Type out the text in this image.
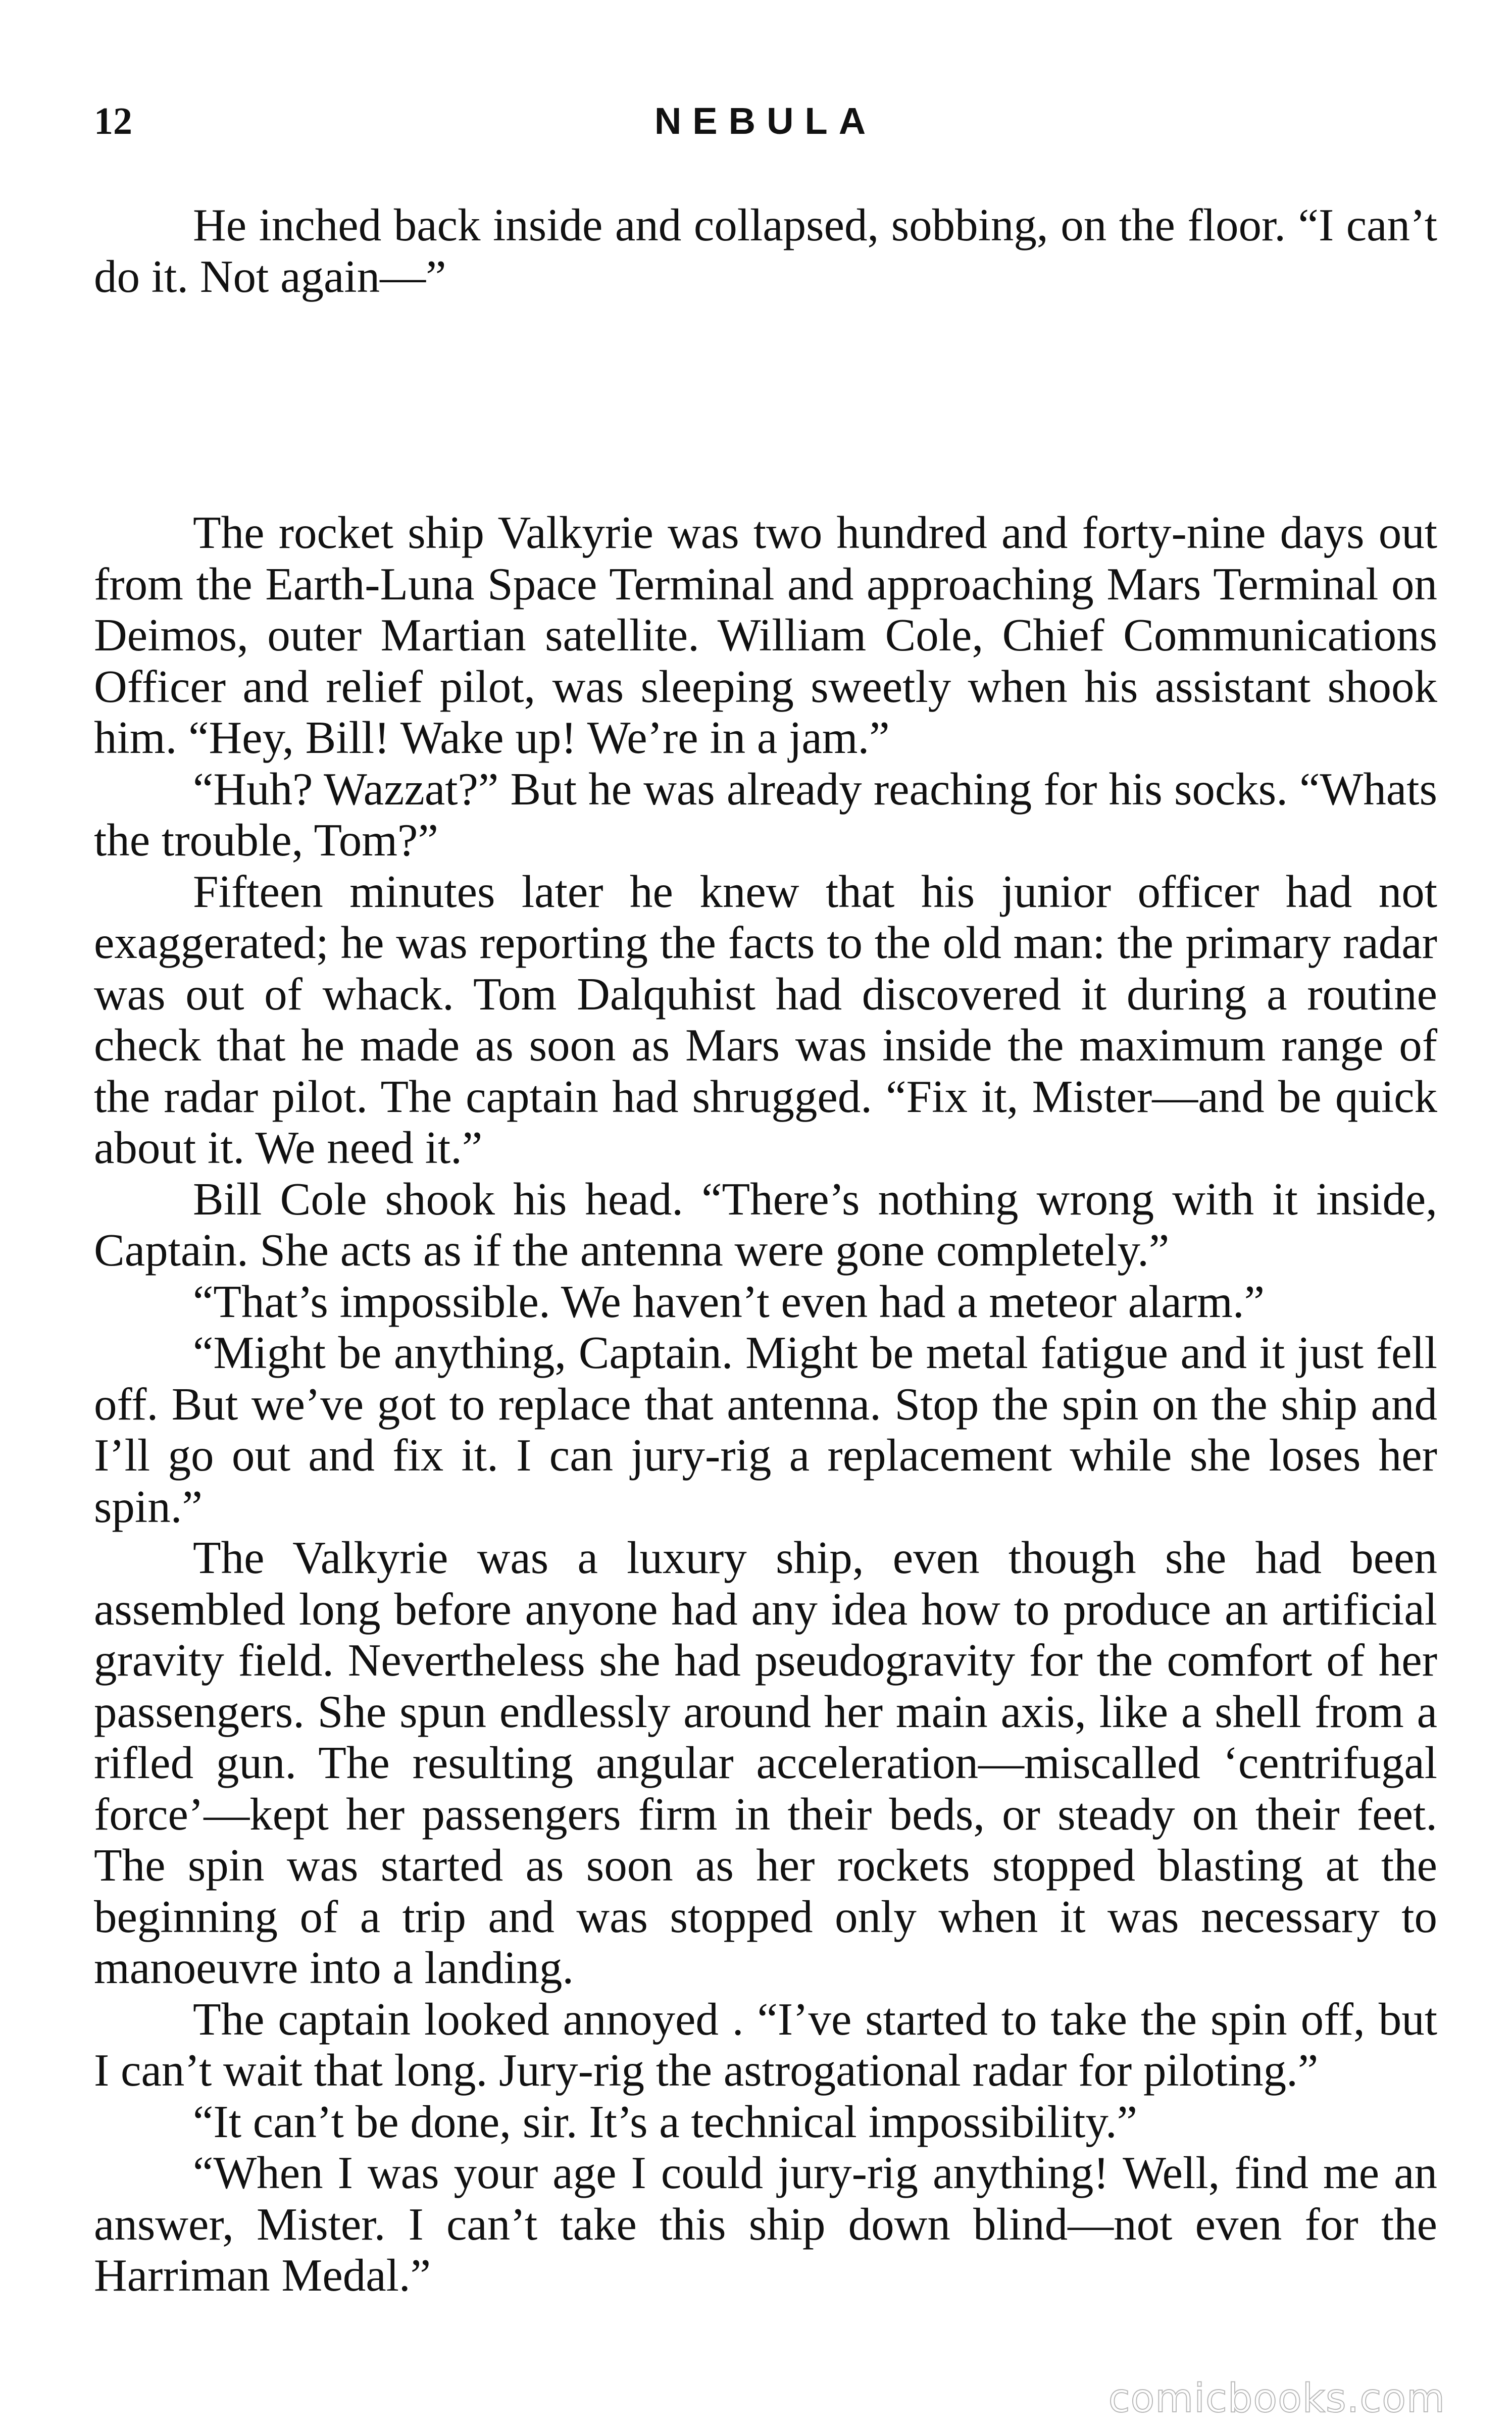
12	NEBULA

He inched back inside and collapsed, sobbing, on the floor. “I can’t do it. Not again—”

The rocket ship Valkyrie was two hundred and forty-nine days out from the Earth-Luna Space Terminal and approaching Mars Terminal on Deimos, outer Martian satellite. William Cole, Chief Communications Officer and relief pilot, was sleeping sweetly when his assistant shook him. “Hey, Bill! Wake up! We’re in a jam.”

“Huh? Wazzat?” But he was already reaching for his socks. “Whats the trouble, Tom?”

Fifteen minutes later he knew that his junior officer had not exaggerated; he was reporting the facts to the old man: the primary radar was out of whack. Tom Dalquhist had discovered it during a routine check that he made as soon as Mars was inside the maximum range of the radar pilot. The captain had shrugged. “Fix it, Mister—and be quick about it. We need it.”

Bill Cole shook his head. “There’s nothing wrong with it inside, Captain. She acts as if the antenna were gone completely.”

“That’s impossible. We haven’t even had a meteor alarm.”

“Might be anything, Captain. Might be metal fatigue and it just fell off. But we’ve got to replace that antenna. Stop the spin on the ship and I’ll go out and fix it. I can jury-rig a replacement while she loses her spin.”

The Valkyrie was a luxury ship, even though she had been assembled long before anyone had any idea how to produce an artificial gravity field. Nevertheless she had pseudogravity for the comfort of her passengers. She spun endlessly around her main axis, like a shell from a rifled gun. The resulting angular acceleration—miscalled ‘centrifugal force’—kept her passengers firm in their beds, or steady on their feet. The spin was started as soon as her rockets stopped blasting at the beginning of a trip and was stopped only when it was necessary to manoeuvre into a landing.

The captain looked annoyed . “I’ve started to take the spin off, but I can’t wait that long. Jury-rig the astrogational radar for piloting.”

“It can’t be done, sir. It’s a technical impossibility.”

“When I was your age I could jury-rig anything! Well, find me an answer, Mister. I can’t take this ship down blind—not even for the Harriman Medal.”

comicbooks.com
